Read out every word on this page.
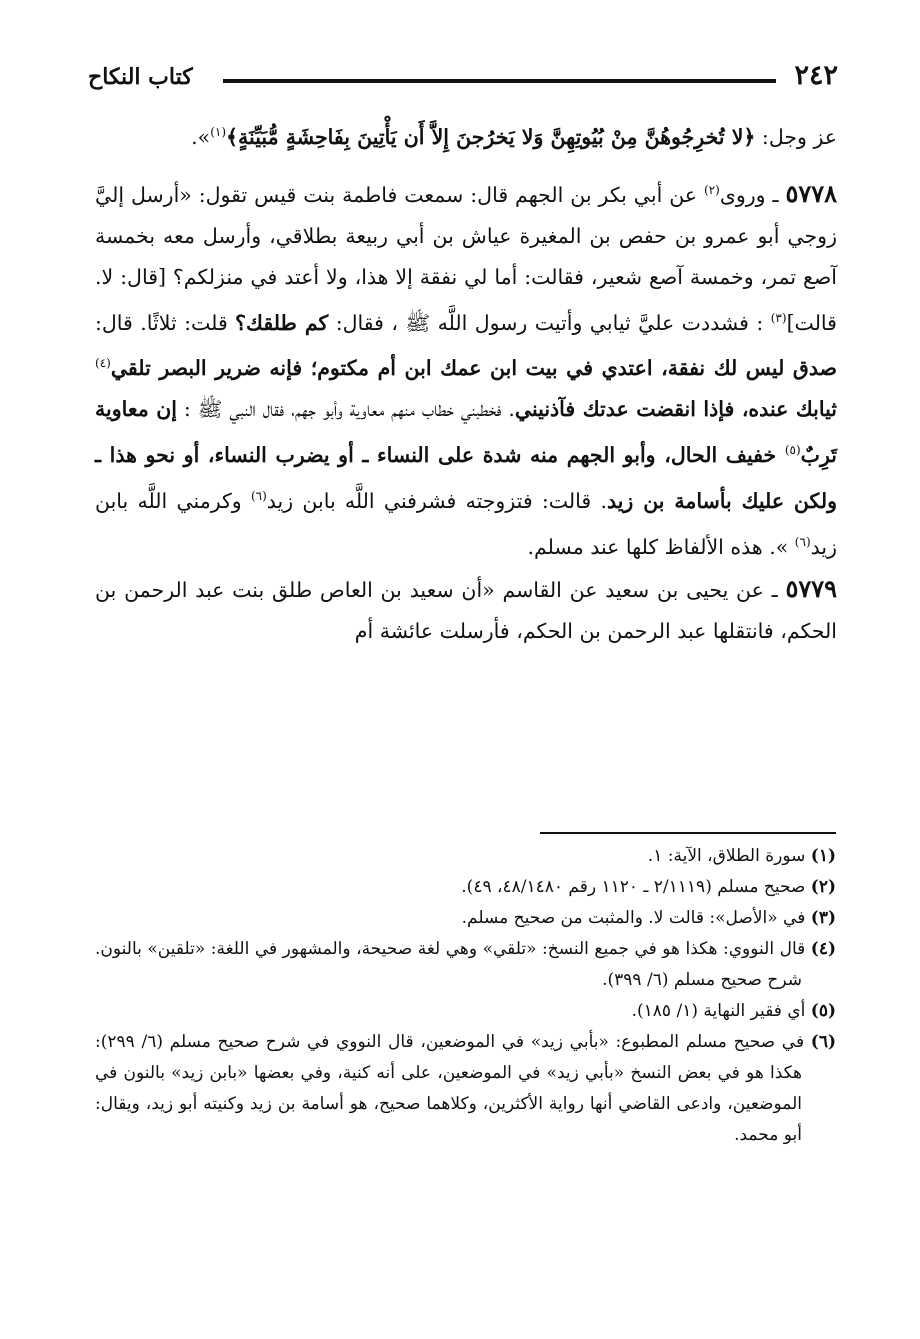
٢٤٢
كتاب النكاح

عز وجل: ﴿لا تُخرِجُوهُنَّ مِنْ بُيُوتِهِنَّ وَلا يَخرُجنَ إِلاَّ أَن يَأْتِينَ بِفَاحِشَةٍ مُّبَيِّنَةٍ﴾$^{(١)}$».

٥٧٧٨ ـ وروى$^{(٢)}$ عن أبي بكر بن الجهم قال: سمعت فاطمة بنت قيس تقول: «أرسل إليَّ زوجي أبو عمرو بن حفص بن المغيرة عياش بن أبي ربيعة بطلاقي، وأرسل معه بخمسة آصع تمر، وخمسة آصع شعير، فقالت: أما لي نفقة إلا هذا، ولا أعتد في منزلكم؟ [قال: لا. قالت]$^{(٣)}$ : فشددت عليَّ ثيابي وأتيت رسول اللَّه ﷺ ، فقال: كم طلقك؟ قلت: ثلاثًا. قال: صدق ليس لك نفقة، اعتدي في بيت ابن عمك ابن أم مكتوم؛ فإنه ضرير البصر تلقي$^{(٤)}$ ثيابك عنده، فإذا انقضت عدتك فآذنيني. فخطبني خطاب منهم معاوية وأبو جهم، فقال النبي ﷺ : إن معاوية تَرِبٌ$^{(٥)}$ خفيف الحال، وأبو الجهم منه شدة على النساء ـ أو يضرب النساء، أو نحو هذا ـ ولكن عليك بأسامة بن زيد. قالت: فتزوجته فشرفني اللَّه بابن زيد$^{(٦)}$ وكرمني اللَّه بابن زيد$^{(٦)}$ ». هذه الألفاظ كلها عند مسلم.

٥٧٧٩ ـ عن يحيى بن سعيد عن القاسم «أن سعيد بن العاص طلق بنت عبد الرحمن بن الحكم، فانتقلها عبد الرحمن بن الحكم، فأرسلت عائشة أم

(١) سورة الطلاق، الآية: ١.

(٢) صحيح مسلم (٢/١١١٩ ـ ١١٢٠ رقم ٤٨/١٤٨٠، ٤٩).

(٣) في «الأصل»: قالت لا. والمثبت من صحيح مسلم.

(٤) قال النووي: هكذا هو في جميع النسخ: «تلقي» وهي لغة صحيحة، والمشهور في اللغة: «تلقين» بالنون. شرح صحيح مسلم (٦/ ٣٩٩).

(٥) أي فقير النهاية (١/ ١٨٥).

(٦) في صحيح مسلم المطبوع: «بأبي زيد» في الموضعين، قال النووي في شرح صحيح مسلم (٦/ ٢٩٩): هكذا هو في بعض النسخ «بأبي زيد» في الموضعين، على أنه كنية، وفي بعضها «بابن زيد» بالنون في الموضعين، وادعى القاضي أنها رواية الأكثرين، وكلاهما صحيح، هو أسامة بن زيد وكنيته أبو زيد، ويقال: أبو محمد.
